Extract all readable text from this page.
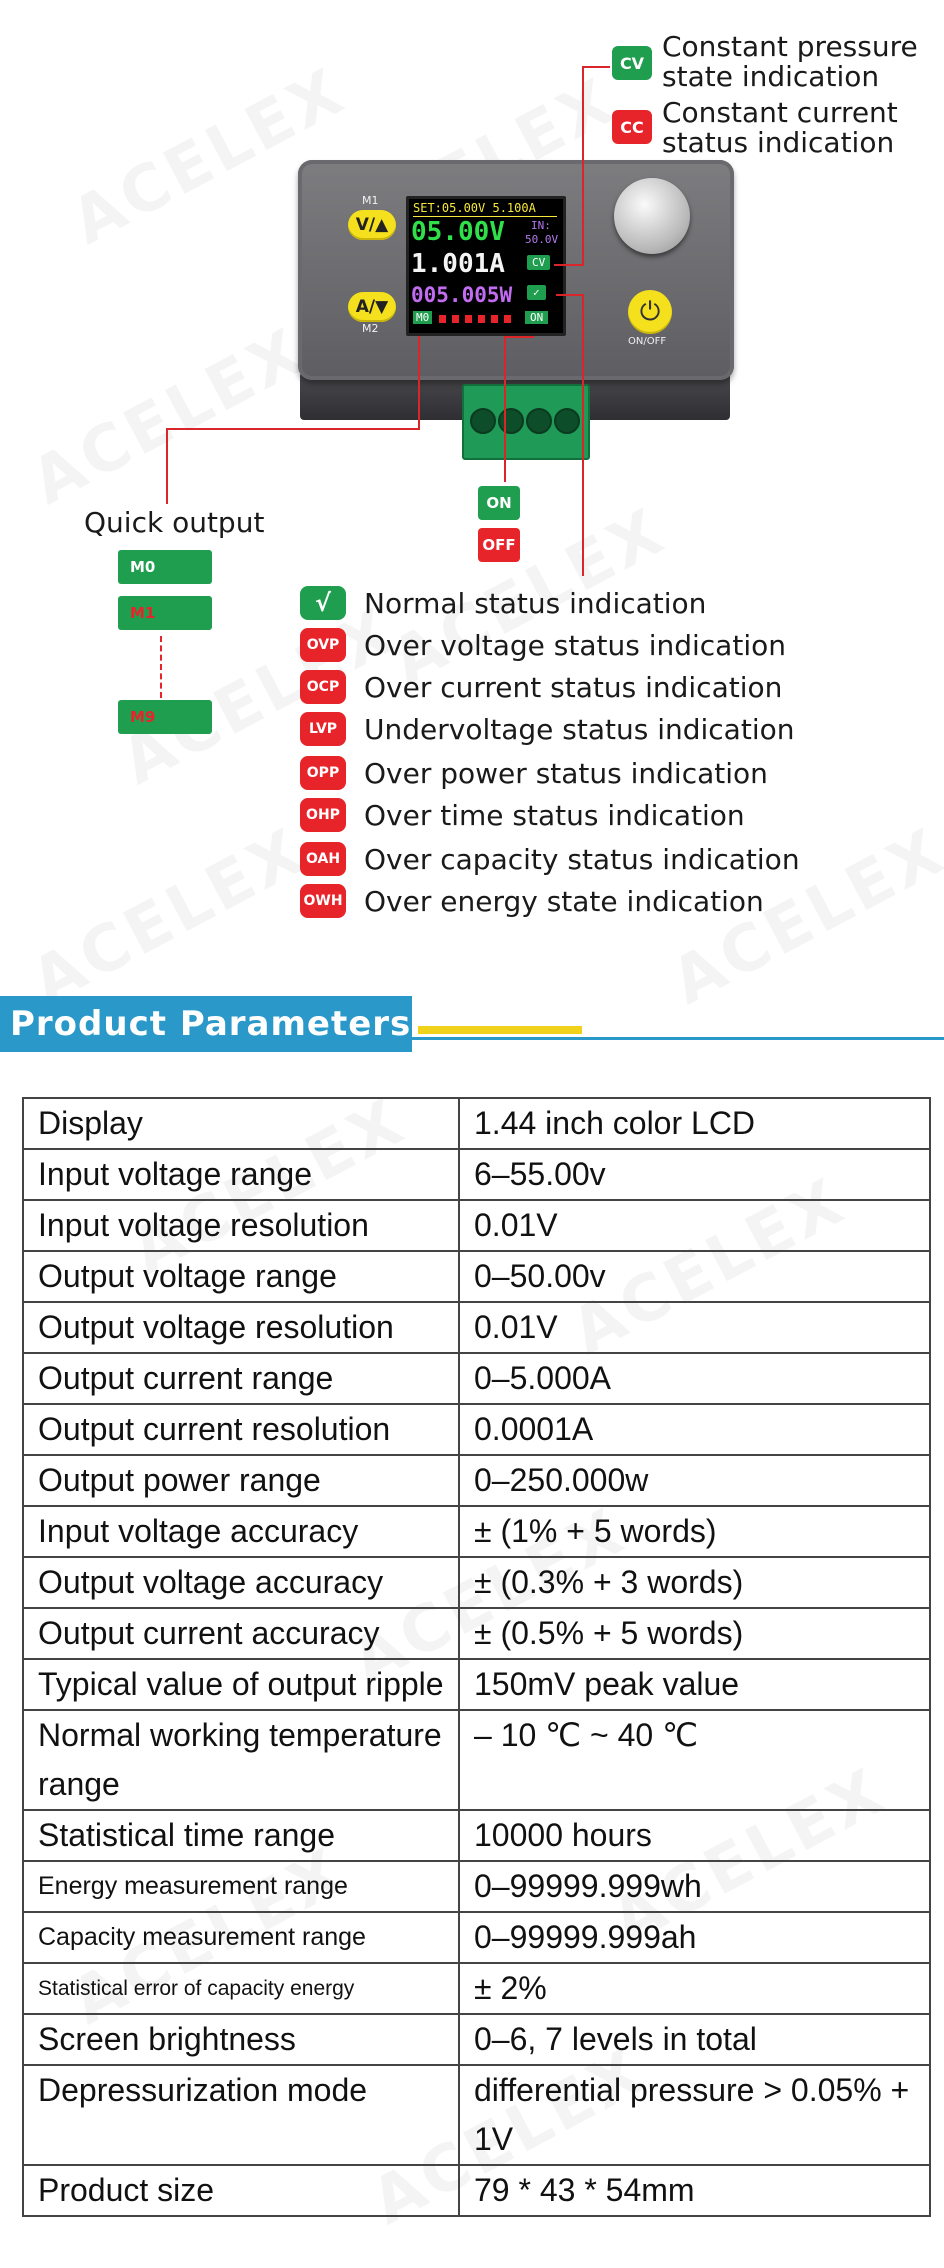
M1
V/▲
A/▼
M2
SET:05.00V 5.100A
05.00V IN:
50.0V
1.001A	CV
005.005W	✓
M0	ON	⏻
ON/OFF
CV Constant pressure
state indication
CC Constant current
status indication
ON
OFF
Quick output
M0
M1
M9
√	Normal status indication
OVP Over voltage status indication
OCP Over current status indication
LVP Undervoltage status indication
OPP Over power status indication
OHP Over time status indication
OAH Over capacity status indication
OWH Over energy state indication
Product Parameters
Display	1.44 inch color LCD
Input voltage range	6–55.00v
Input voltage resolution	0.01V
Output voltage range	0–50.00v
Output voltage resolution	0.01V
Output current range	0–5.000A
Output current resolution	0.0001A
Output power range	0–250.000w
Input voltage accuracy	± (1% + 5 words)
Output voltage accuracy	± (0.3% + 3 words)
Output current accuracy	± (0.5% + 5 words)
Typical value of output ripple	150mV peak value
Normal working temperature range	– 10 ℃ ~ 40 ℃
Statistical time range	10000 hours
Energy measurement range	0–99999.999wh
Capacity measurement range	0–99999.999ah
Statistical error of capacity energy	± 2%
Screen brightness	0–6, 7 levels in total
Depressurization mode	differential pressure > 0.05% + 1V
Product size	79 * 43 * 54mm
